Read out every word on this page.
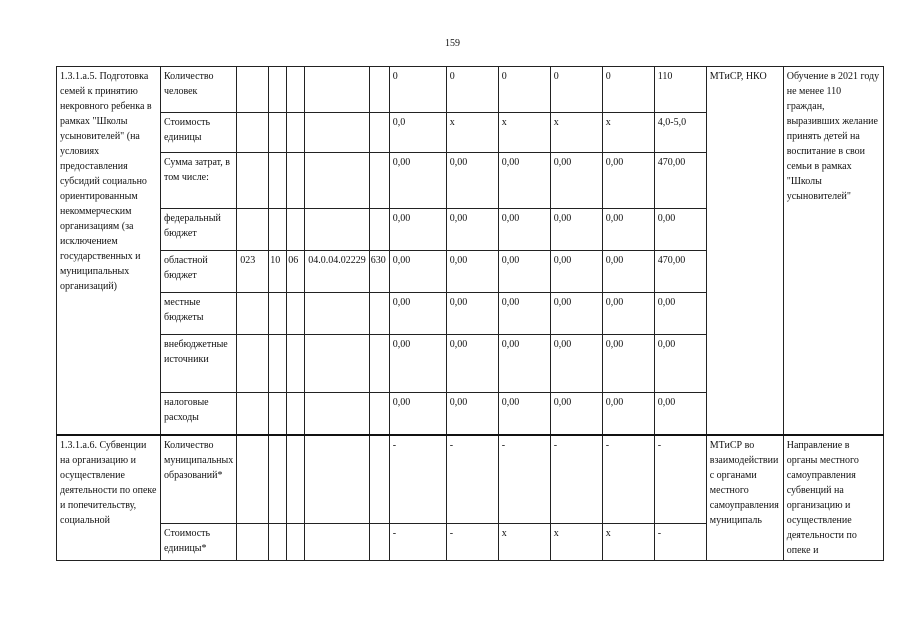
159
1.3.1.а.5. Подготовка семей к принятию некровного ребенка в рамках "Школы усыновителей" (на условиях предоставления субсидий социально ориентированным некоммерческим организациям (за исключением государственных и муниципальных организаций)	Количество человек						0	0	0	0	0	110	МТиСР, НКО	Обучение в 2021 году не менее 110 граждан, выразивших желание принять детей на воспитание в свои семьи в рамках "Школы усыновителей"
	Стоимость единицы						0,0	х	х	х	х	4,0-5,0		
	Сумма затрат, в том числе:						0,00	0,00	0,00	0,00	0,00	470,00		
	федеральный бюджет						0,00	0,00	0,00	0,00	0,00	0,00		
	областной бюджет	023	10	06	04.0.04.02229	630	0,00	0,00	0,00	0,00	0,00	470,00		
	местные бюджеты						0,00	0,00	0,00	0,00	0,00	0,00		
	внебюджетные источники						0,00	0,00	0,00	0,00	0,00	0,00		
	налоговые расходы						0,00	0,00	0,00	0,00	0,00	0,00		
1.3.1.а.6. Субвенции на организацию и осуществление деятельности по опеке и попечительству, социальной	Количество муниципальных образований*						-	-	-	-	-	-	МТиСР во взаимодействии с органами местного самоуправления муниципаль	Направление в органы местного самоуправления субвенций на организацию и осуществление деятельности по опеке и
	Стоимость единицы*						-	-	х	х	х	-		
